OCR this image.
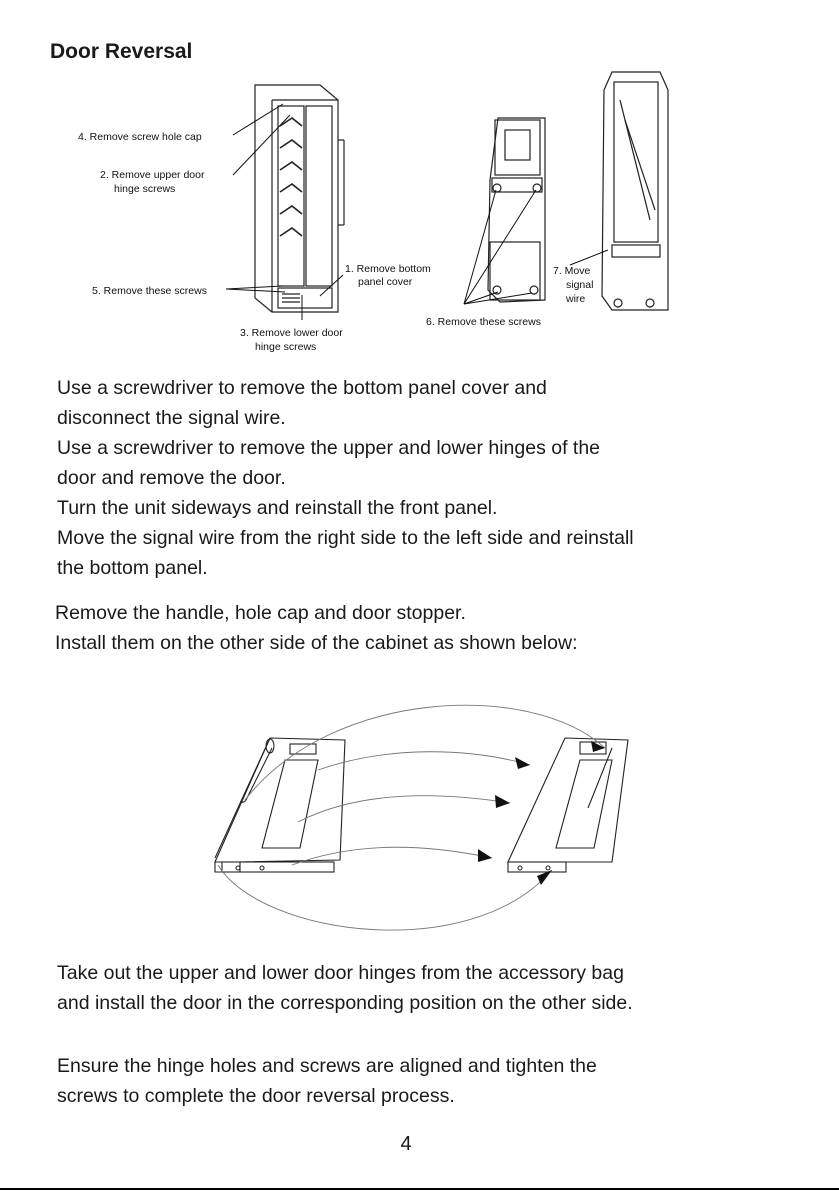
Door Reversal
4. Remove screw hole cap
2. Remove upper door
hinge screws
5. Remove these screws
1. Remove bottom
panel cover
3. Remove lower door
hinge screws
6. Remove these screws
7. Move
signal
wire
Use a screwdriver to remove the bottom panel cover and
disconnect the signal wire.
Use a screwdriver to remove the upper and lower hinges of the
door and remove the door.
Turn the unit sideways and reinstall the front panel.
Move the signal wire from the right side to the left side and reinstall
the bottom panel.
Remove the handle, hole cap and door stopper.
Install them on the other side of the cabinet as shown below:
Take out the upper and lower door hinges from the accessory bag
and install the door in the corresponding position on the other side.
Ensure the hinge holes and screws are aligned and tighten the
screws to complete the door reversal process.
4
